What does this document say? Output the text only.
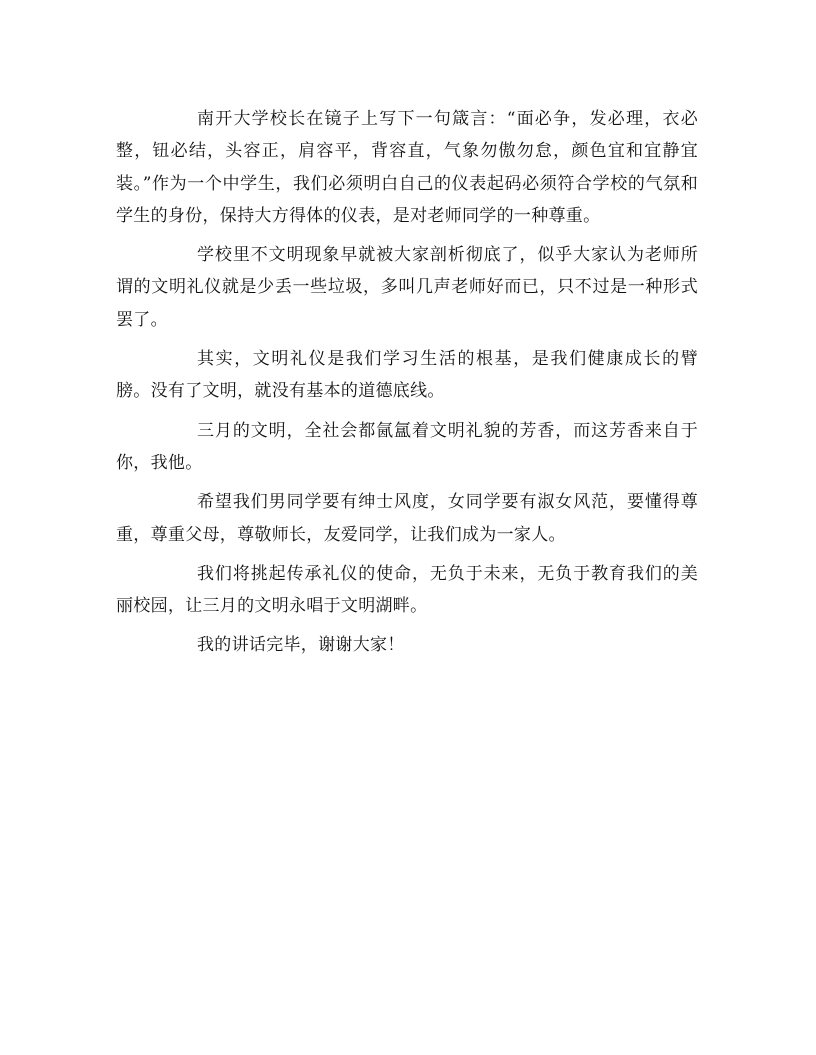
南开大学校长在镜子上写下一句箴言：“面必争，发必理，衣必整，钮必结，头容正，肩容平，背容直，气象勿傲勿怠，颜色宜和宜静宜装。”作为一个中学生，我们必须明白自己的仪表起码必须符合学校的气氛和学生的身份，保持大方得体的仪表，是对老师同学的一种尊重。

学校里不文明现象早就被大家剖析彻底了，似乎大家认为老师所谓的文明礼仪就是少丢一些垃圾，多叫几声老师好而已，只不过是一种形式罢了。

其实，文明礼仪是我们学习生活的根基，是我们健康成长的臂膀。没有了文明，就没有基本的道德底线。

三月的文明，全社会都氤氲着文明礼貌的芳香，而这芳香来自于你，我他。

希望我们男同学要有绅士风度，女同学要有淑女风范，要懂得尊重，尊重父母，尊敬师长，友爱同学，让我们成为一家人。

我们将挑起传承礼仪的使命，无负于未来，无负于教育我们的美丽校园，让三月的文明永唱于文明湖畔。

我的讲话完毕，谢谢大家！
